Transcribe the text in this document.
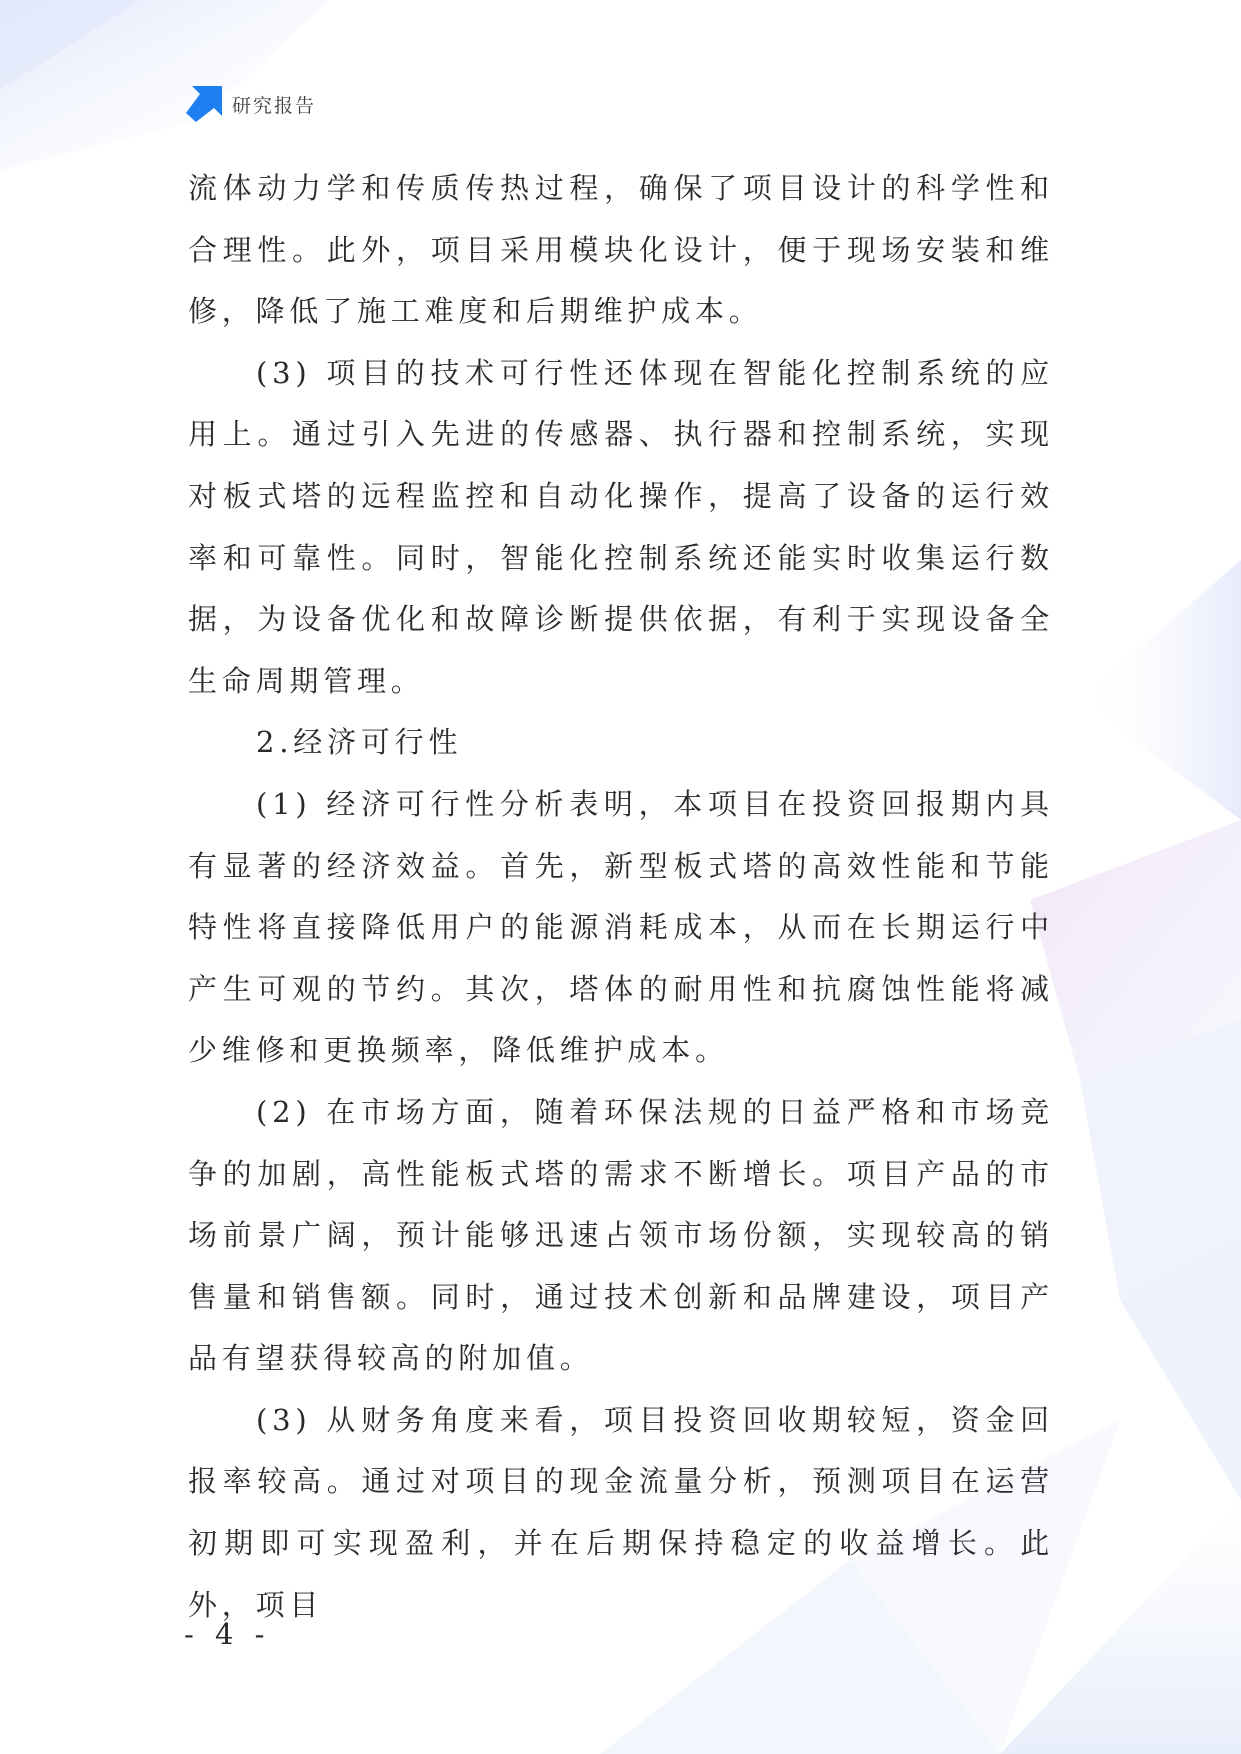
研究报告

流体动力学和传质传热过程，确保了项目设计的科学性和合理性。此外，项目采用模块化设计，便于现场安装和维修，降低了施工难度和后期维护成本。

(3) 项目的技术可行性还体现在智能化控制系统的应用上。通过引入先进的传感器、执行器和控制系统，实现对板式塔的远程监控和自动化操作，提高了设备的运行效率和可靠性。同时，智能化控制系统还能实时收集运行数据，为设备优化和故障诊断提供依据，有利于实现设备全生命周期管理。

2.经济可行性

(1) 经济可行性分析表明，本项目在投资回报期内具有显著的经济效益。首先，新型板式塔的高效性能和节能特性将直接降低用户的能源消耗成本，从而在长期运行中产生可观的节约。其次，塔体的耐用性和抗腐蚀性能将减少维修和更换频率，降低维护成本。

(2) 在市场方面，随着环保法规的日益严格和市场竞争的加剧，高性能板式塔的需求不断增长。项目产品的市场前景广阔，预计能够迅速占领市场份额，实现较高的销售量和销售额。同时，通过技术创新和品牌建设，项目产品有望获得较高的附加值。

(3) 从财务角度来看，项目投资回收期较短，资金回报率较高。通过对项目的现金流量分析，预测项目在运营初期即可实现盈利，并在后期保持稳定的收益增长。此外，项目

- 4 -
